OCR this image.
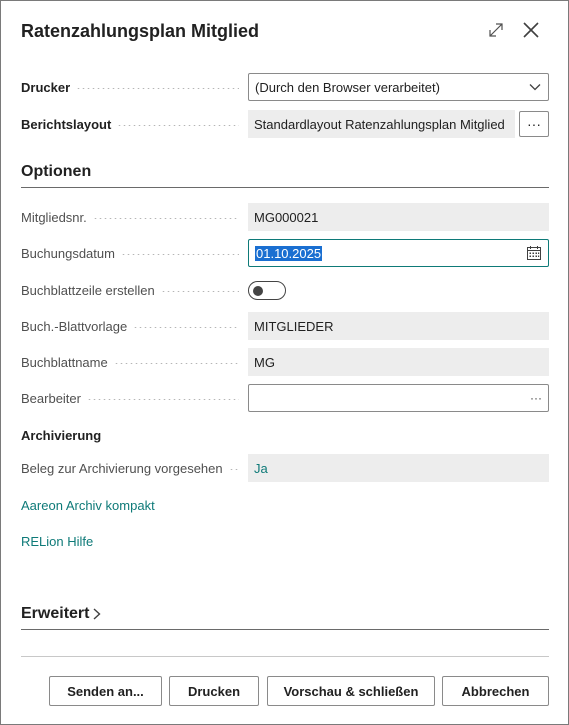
Ratenzahlungsplan Mitglied
Drucker	(Durch den Browser verarbeitet)
Berichtslayout	Standardlayout Ratenzahlungsplan Mitglied	···
Optionen
Mitgliedsnr.	MG000021
Buchungsdatum	01.10.2025
Buchblattzeile erstellen
Buch.-Blattvorlage	MITGLIEDER
Buchblattname	MG
Bearbeiter	···
Archivierung
Beleg zur Archivierung vorgesehen	Ja
Aareon Archiv kompakt
RELion Hilfe
Erweitert
Senden an...	Drucken	Vorschau & schließen	Abbrechen
